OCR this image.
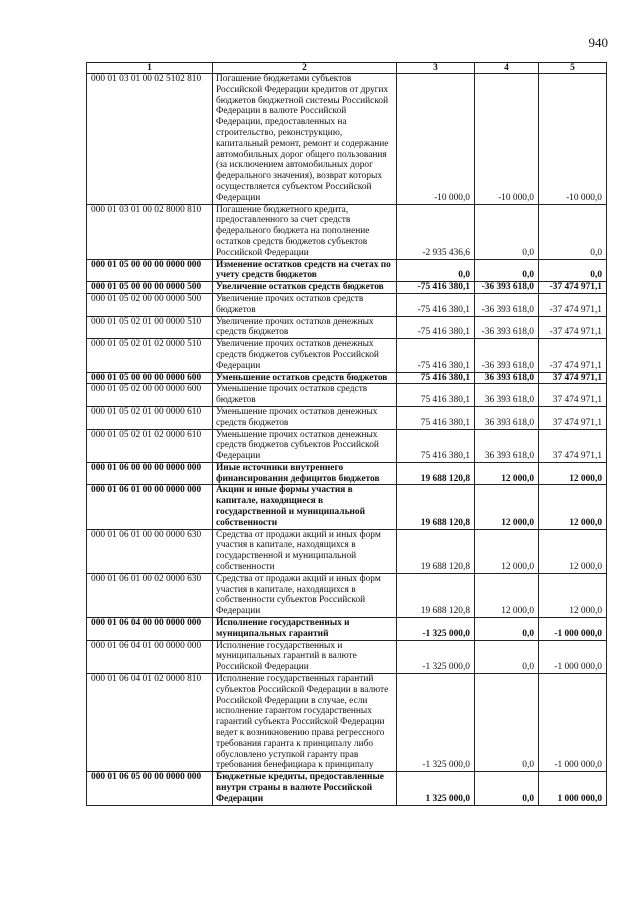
940
1	2	3	4	5
000 01 03 01 00 02 5102 810	Погашение бюджетами субъектов Российской Федерации кредитов от других бюджетов бюджетной системы Российской Федерации в валюте Российской Федерации, предоставленных на строительство, реконструкцию, капитальный ремонт, ремонт и содержание автомобильных дорог общего пользования (за исключением автомобильных дорог федерального значения), возврат которых осуществляется субъектом Российской Федерации	-10 000,0	-10 000,0	-10 000,0
000 01 03 01 00 02 8000 810	Погашение бюджетного кредита, предоставленного за счет средств федерального бюджета на пополнение остатков средств бюджетов субъектов Российской Федерации	-2 935 436,6	0,0	0,0
000 01 05 00 00 00 0000 000	Изменение остатков средств на счетах по учету средств бюджетов	0,0	0,0	0,0
000 01 05 00 00 00 0000 500	Увеличение остатков средств бюджетов	-75 416 380,1	-36 393 618,0	-37 474 971,1
000 01 05 02 00 00 0000 500	Увеличение прочих остатков средств бюджетов	-75 416 380,1	-36 393 618,0	-37 474 971,1
000 01 05 02 01 00 0000 510	Увеличение прочих остатков денежных средств бюджетов	-75 416 380,1	-36 393 618,0	-37 474 971,1
000 01 05 02 01 02 0000 510	Увеличение прочих остатков денежных средств бюджетов субъектов Российской Федерации	-75 416 380,1	-36 393 618,0	-37 474 971,1
000 01 05 00 00 00 0000 600	Уменьшение остатков средств бюджетов	75 416 380,1	36 393 618,0	37 474 971,1
000 01 05 02 00 00 0000 600	Уменьшение прочих остатков средств бюджетов	75 416 380,1	36 393 618,0	37 474 971,1
000 01 05 02 01 00 0000 610	Уменьшение прочих остатков денежных средств бюджетов	75 416 380,1	36 393 618,0	37 474 971,1
000 01 05 02 01 02 0000 610	Уменьшение прочих остатков денежных средств бюджетов субъектов Российской Федерации	75 416 380,1	36 393 618,0	37 474 971,1
000 01 06 00 00 00 0000 000	Иные источники внутреннего финансирования дефицитов бюджетов	19 688 120,8	12 000,0	12 000,0
000 01 06 01 00 00 0000 000	Акции и иные формы участия в капитале, находящиеся в государственной и муниципальной собственности	19 688 120,8	12 000,0	12 000,0
000 01 06 01 00 00 0000 630	Средства от продажи акций и иных форм участия в капитале, находящихся в государственной и муниципальной собственности	19 688 120,8	12 000,0	12 000,0
000 01 06 01 00 02 0000 630	Средства от продажи акций и иных форм участия в капитале, находящихся в собственности субъектов Российской Федерации	19 688 120,8	12 000,0	12 000,0
000 01 06 04 00 00 0000 000	Исполнение государственных и муниципальных гарантий	-1 325 000,0	0,0	-1 000 000,0
000 01 06 04 01 00 0000 000	Исполнение государственных и муниципальных гарантий в валюте Российской Федерации	-1 325 000,0	0,0	-1 000 000,0
000 01 06 04 01 02 0000 810	Исполнение государственных гарантий субъектов Российской Федерации в валюте Российской Федерации в случае, если исполнение гарантом государственных гарантий субъекта Российской Федерации ведет к возникновению права регрессного требования гаранта к принципалу либо обусловлено уступкой гаранту прав требования бенефициара к принципалу	-1 325 000,0	0,0	-1 000 000,0
000 01 06 05 00 00 0000 000	Бюджетные кредиты, предоставленные внутри страны в валюте Российской Федерации	1 325 000,0	0,0	1 000 000,0
